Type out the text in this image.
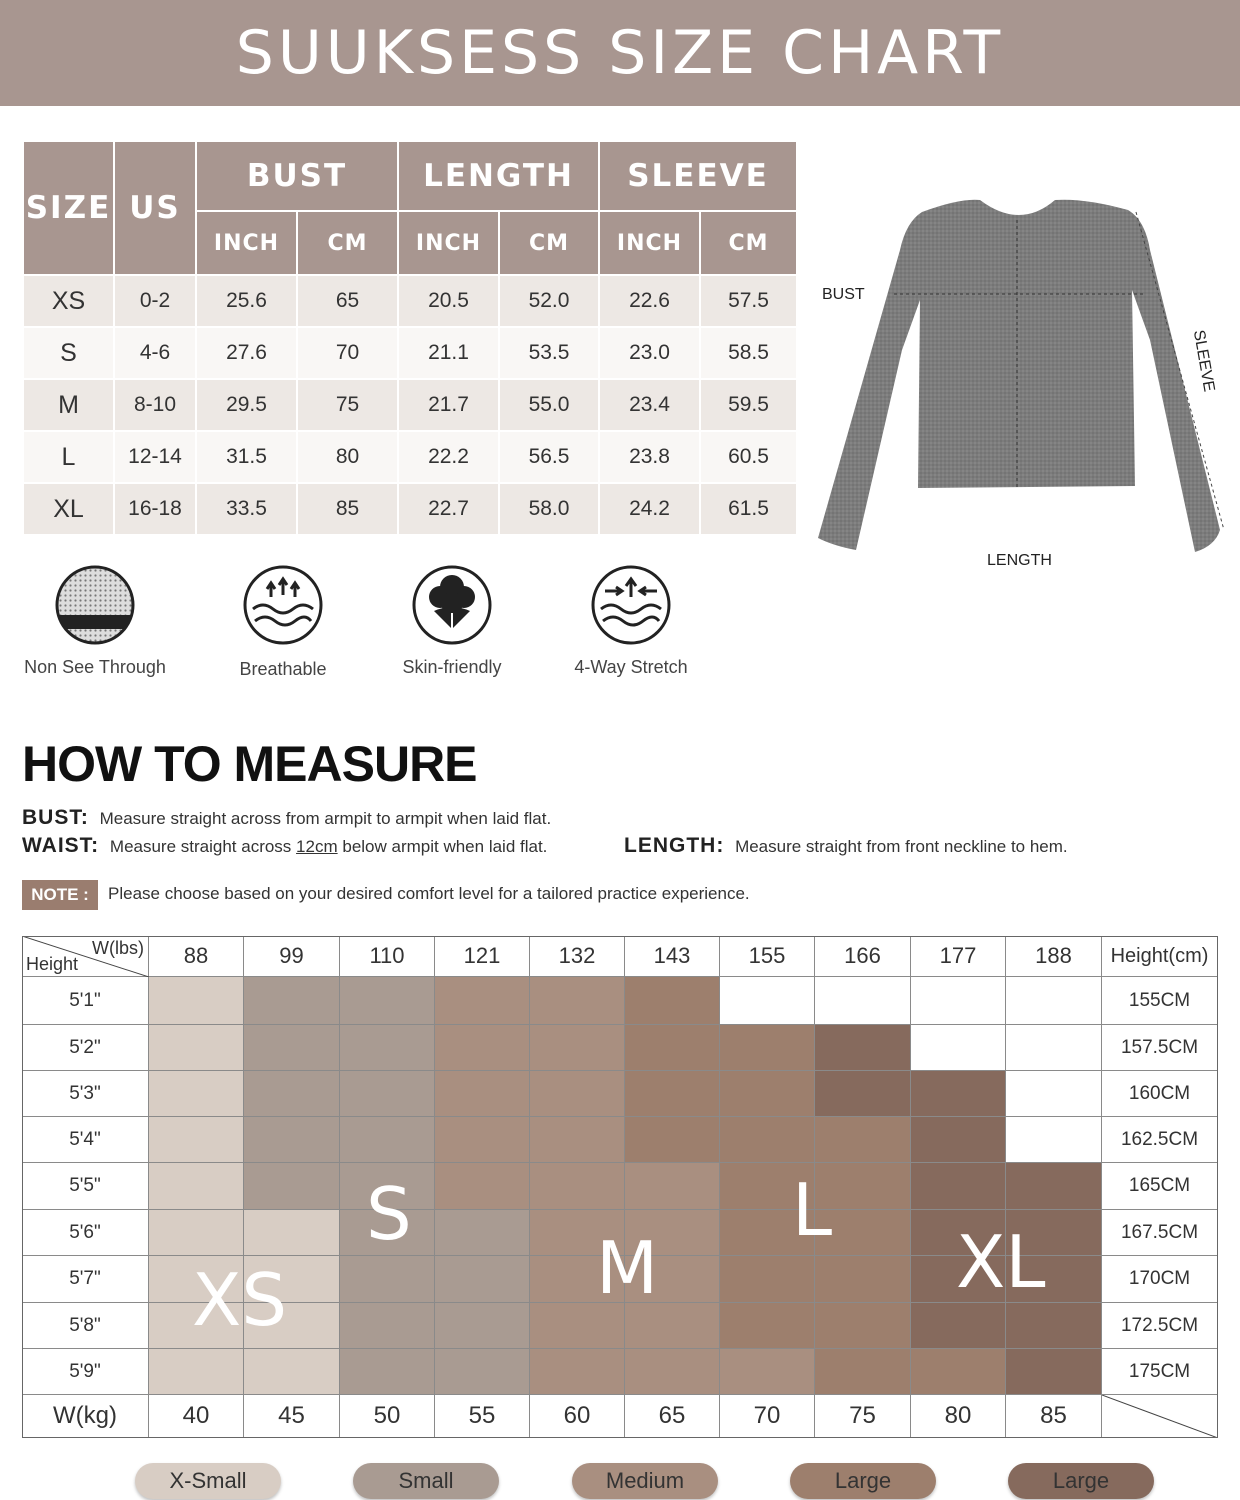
SUUKSESS SIZE CHART
SIZE	US	BUST		LENGTH		SLEEVE	
		INCH	CM	INCH	CM	INCH	CM
XS	0-2	25.6	65	20.5	52.0	22.6	57.5
S	4-6	27.6	70	21.1	53.5	23.0	58.5
M	8-10	29.5	75	21.7	55.0	23.4	59.5
L	12-14	31.5	80	22.2	56.5	23.8	60.5
XL	16-18	33.5	85	22.7	58.0	24.2	61.5
BUST
SLEEVE
LENGTH
Non See Through	Breathable	Skin-friendly	4-Way Stretch
HOW TO MEASURE
BUST: Measure straight across from armpit to armpit when laid flat.
WAIST: Measure straight across 12cm below armpit when laid flat.	LENGTH: Measure straight from front neckline to hem.
NOTE :	Please choose based on your desired comfort level for a tailored practice experience.
W(lbs)
Height	88	99	110	121	132	143	155	166	177	188	Height(cm)
5'1"	155CM
5'2"	157.5CM
5'3"	160CM
5'4"	162.5CM
5'5"	165CM
5'6"	167.5CM
5'7"	170CM
5'8"	172.5CM
5'9"	175CM
W(kg)	40	45	50	55	60	65	70	75	80	85
XS
S
M
L
XL
X-Small	Small	Medium	Large	Large
